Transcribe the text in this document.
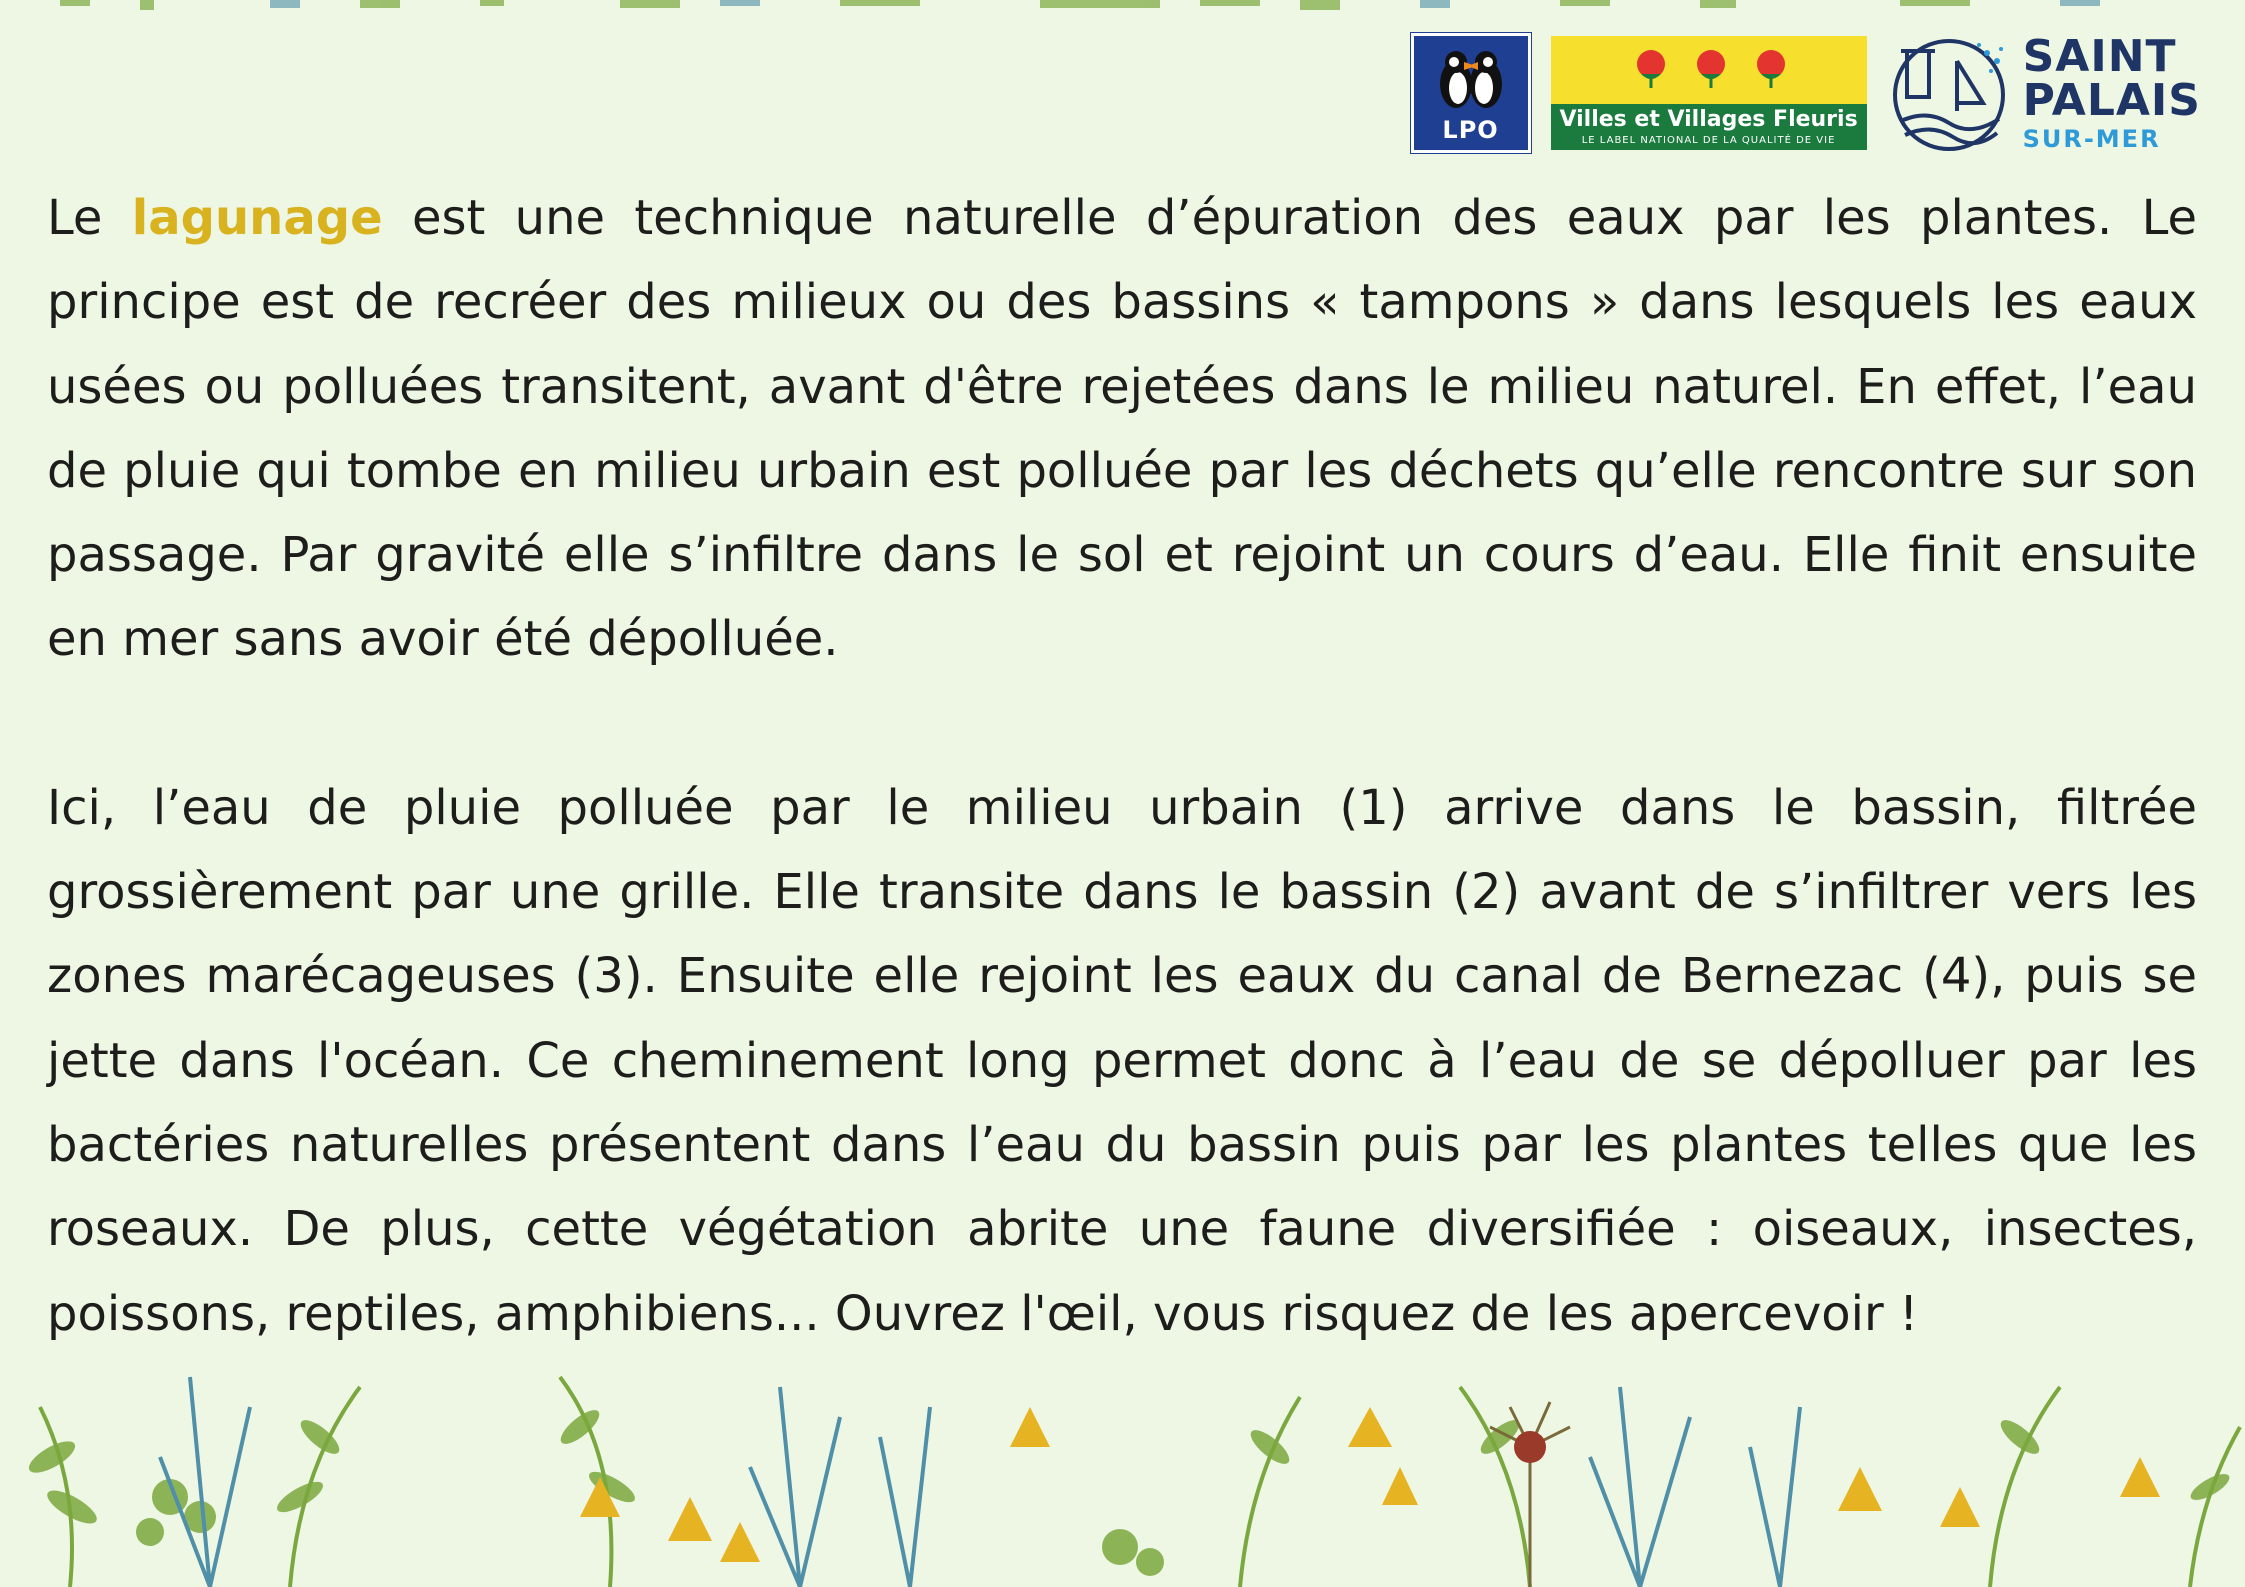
LPO	Villes et Villages Fleuris
LE LABEL NATIONAL DE LA QUALITÉ DE VIE
SAINT
PALAIS
SUR-MER

Le lagunage est une technique naturelle d’épuration des eaux par les plantes. Le principe est de recréer des milieux ou des bassins « tampons » dans lesquels les eaux usées ou polluées transitent, avant d'être rejetées dans le milieu naturel. En effet, l’eau de pluie qui tombe en milieu urbain est polluée par les déchets qu’elle rencontre sur son passage. Par gravité elle s’infiltre dans le sol et rejoint un cours d’eau. Elle finit ensuite en mer sans avoir été dépolluée.

Ici, l’eau de pluie polluée par le milieu urbain (1) arrive dans le bassin, filtrée grossièrement par une grille. Elle transite dans le bassin (2) avant de s’infiltrer vers les zones marécageuses (3). Ensuite elle rejoint les eaux du canal de Bernezac (4), puis se jette dans l'océan. Ce cheminement long permet donc à l’eau de se dépolluer par les bactéries naturelles présentent dans l’eau du bassin puis par les plantes telles que les roseaux. De plus, cette végétation abrite une faune diversifiée : oiseaux, insectes, poissons, reptiles, amphibiens... Ouvrez l'œil, vous risquez de les apercevoir !
